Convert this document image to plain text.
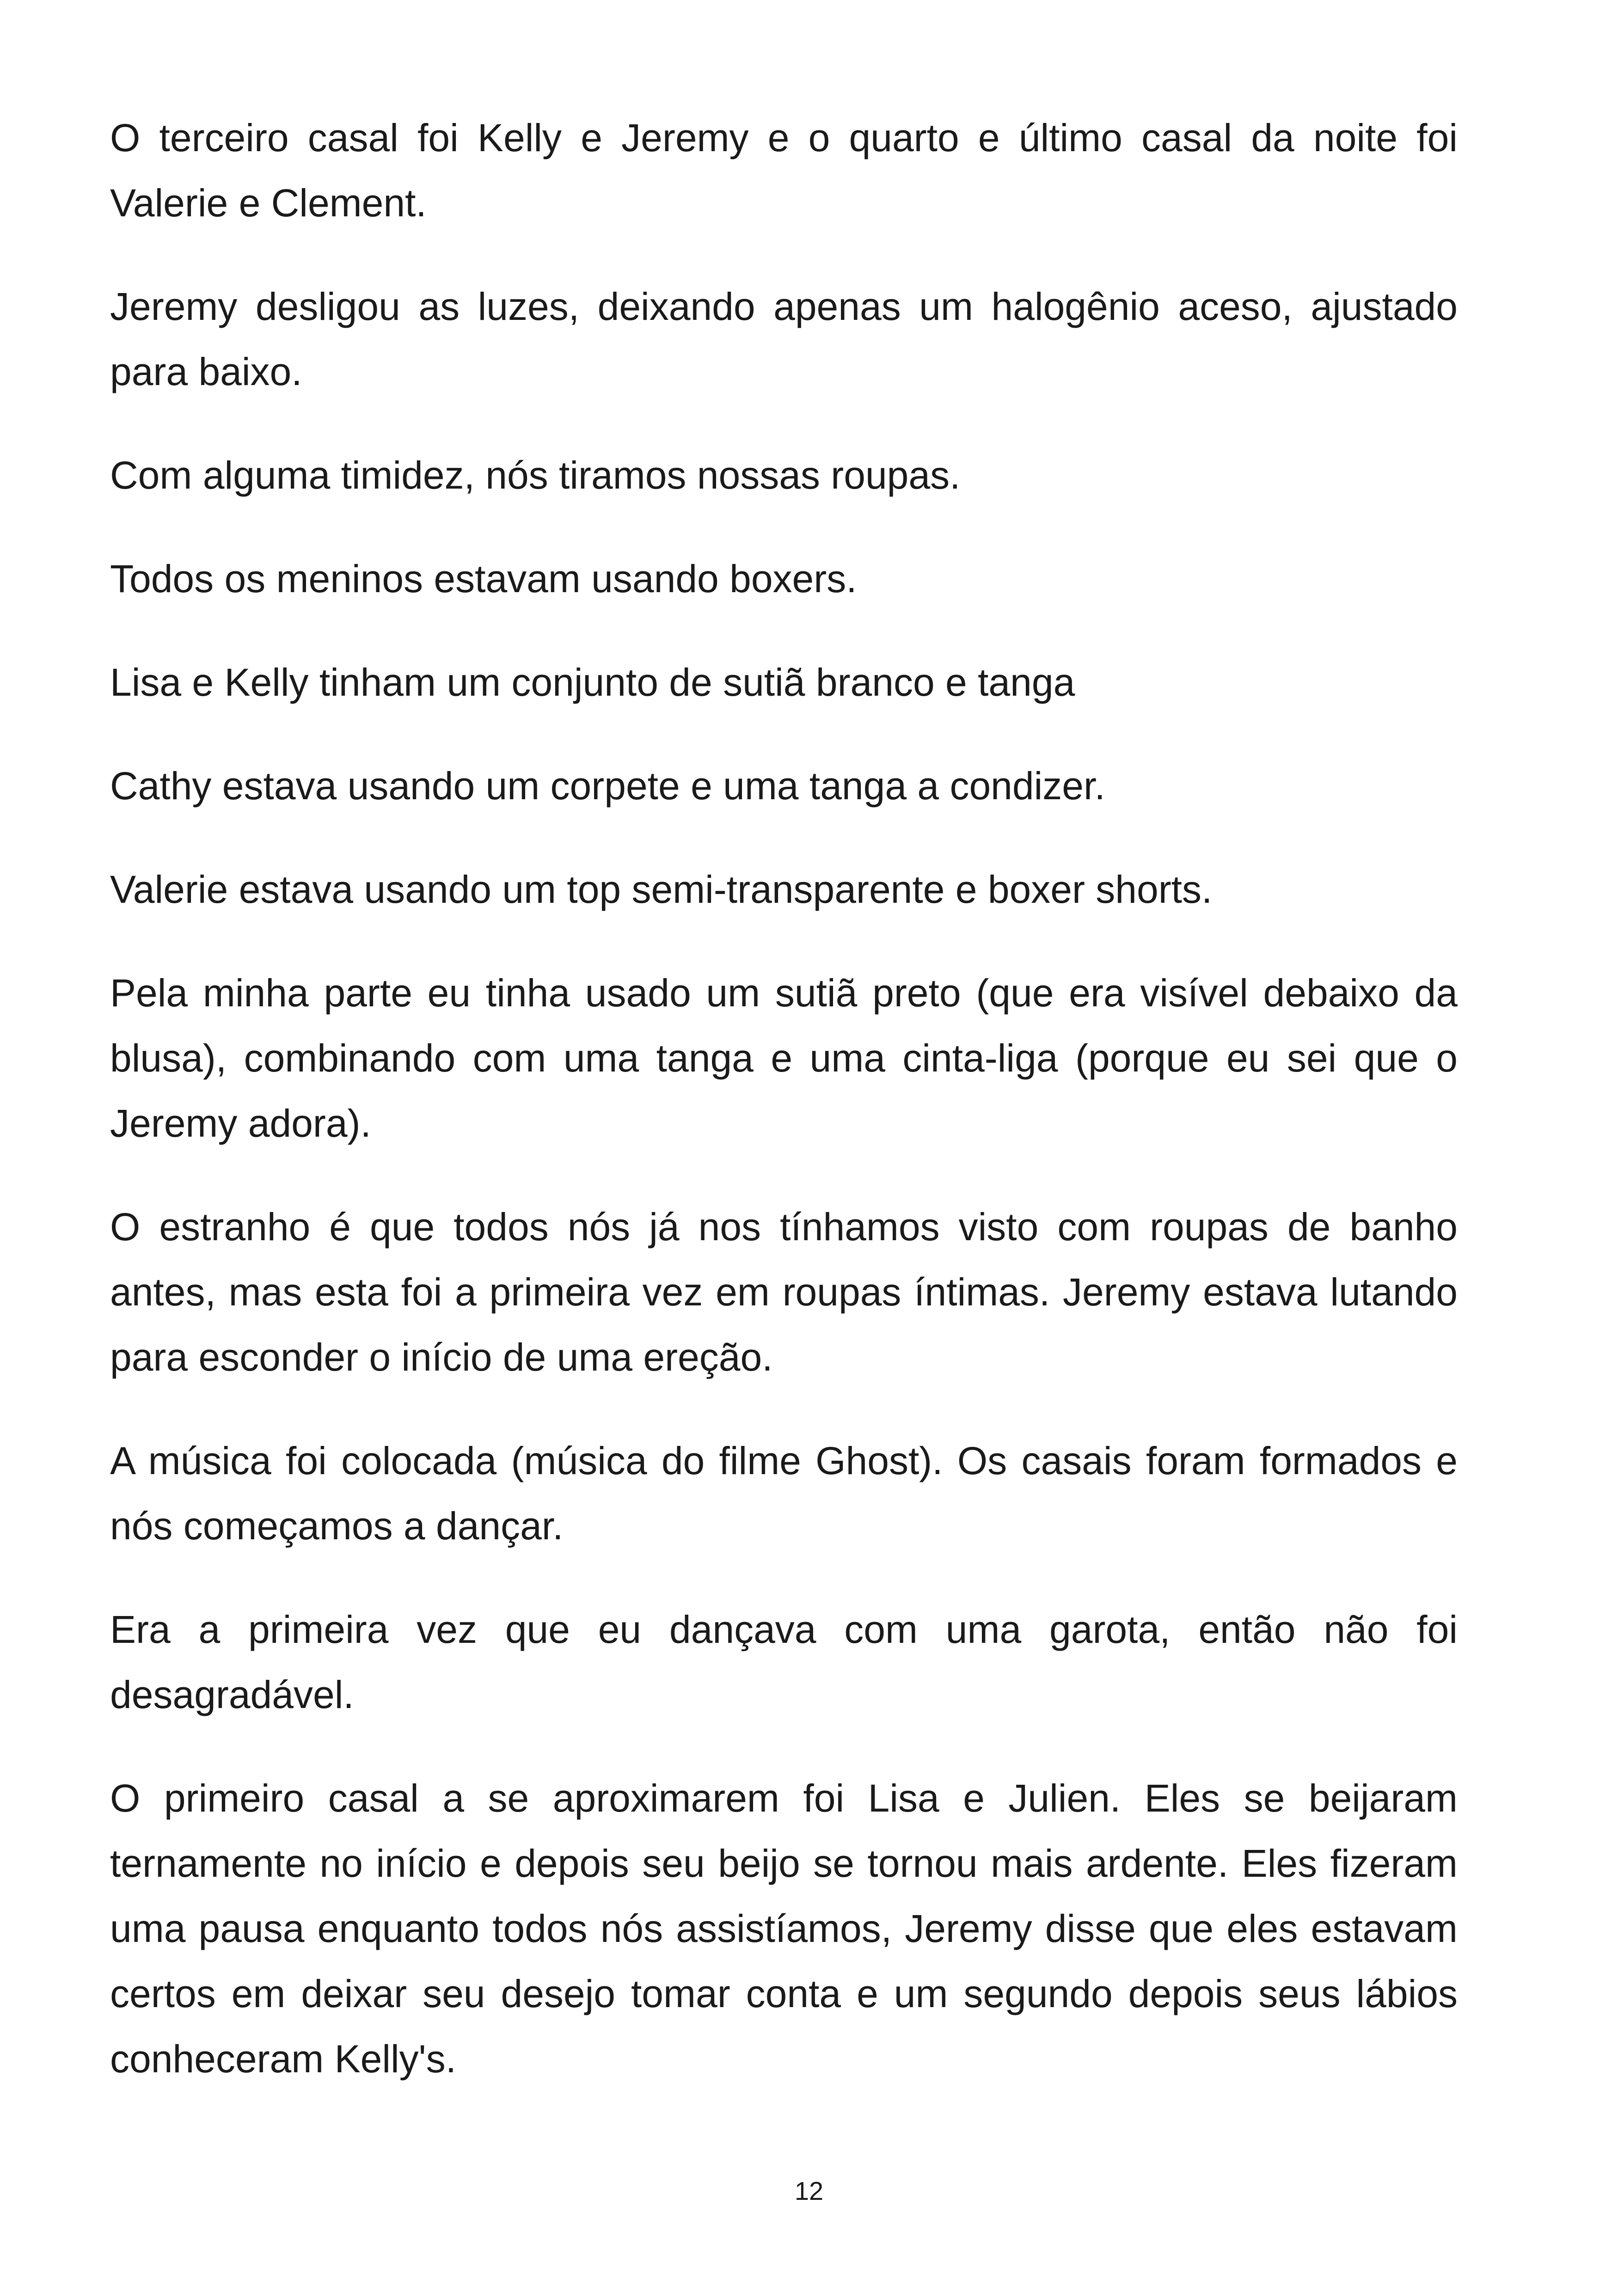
O terceiro casal foi Kelly e Jeremy e o quarto e último casal da noite foi Valerie e Clement.

Jeremy desligou as luzes, deixando apenas um halogênio aceso, ajustado para baixo.

Com alguma timidez, nós tiramos nossas roupas.

Todos os meninos estavam usando boxers.

Lisa e Kelly tinham um conjunto de sutiã branco e tanga

Cathy estava usando um corpete e uma tanga a condizer.

Valerie estava usando um top semi-transparente e boxer shorts.

Pela minha parte eu tinha usado um sutiã preto (que era visível debaixo da blusa), combinando com uma tanga e uma cinta-liga (porque eu sei que o Jeremy adora).

O estranho é que todos nós já nos tínhamos visto com roupas de banho antes, mas esta foi a primeira vez em roupas íntimas. Jeremy estava lutando para esconder o início de uma ereção.

A música foi colocada (música do filme Ghost). Os casais foram formados e nós começamos a dançar.

Era a primeira vez que eu dançava com uma garota, então não foi desagradável.

O primeiro casal a se aproximarem foi Lisa e Julien. Eles se beijaram ternamente no início e depois seu beijo se tornou mais ardente. Eles fizeram uma pausa enquanto todos nós assistíamos, Jeremy disse que eles estavam certos em deixar seu desejo tomar conta e um segundo depois seus lábios conheceram Kelly's.

12
